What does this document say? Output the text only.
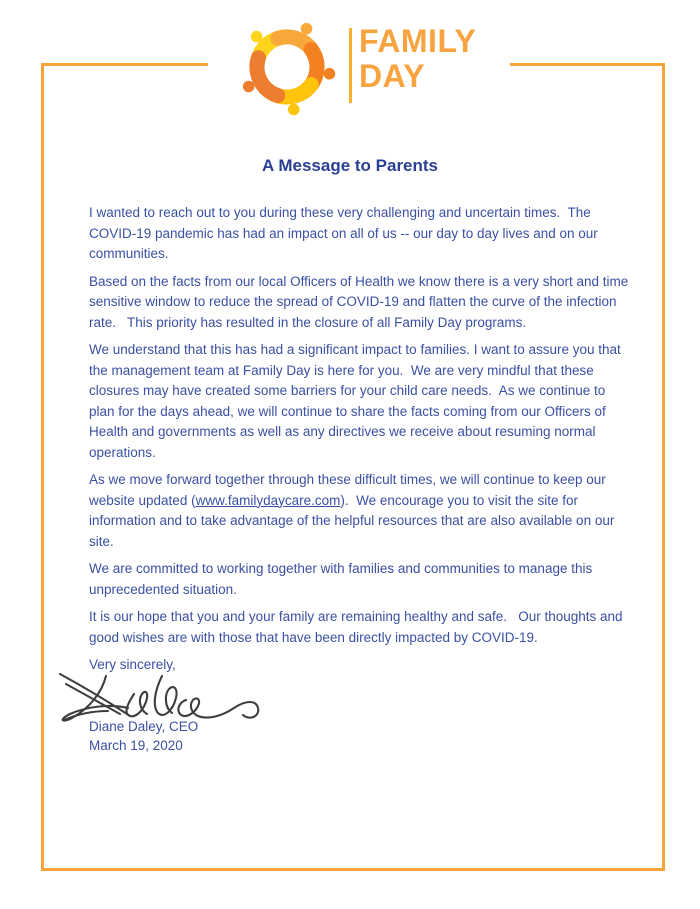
FAMILY
DAY
A Message to Parents

I wanted to reach out to you during these very challenging and uncertain times.  The COVID-19 pandemic has had an impact on all of us -- our day to day lives and on our communities.

Based on the facts from our local Officers of Health we know there is a very short and time sensitive window to reduce the spread of COVID-19 and flatten the curve of the infection rate.   This priority has resulted in the closure of all Family Day programs.

We understand that this has had a significant impact to families. I want to assure you that the management team at Family Day is here for you.  We are very mindful that these closures may have created some barriers for your child care needs.  As we continue to plan for the days ahead, we will continue to share the facts coming from our Officers of Health and governments as well as any directives we receive about resuming normal operations.

As we move forward together through these difficult times, we will continue to keep our website updated (www.familydaycare.com).  We encourage you to visit the site for information and to take advantage of the helpful resources that are also available on our site.

We are committed to working together with families and communities to manage this unprecedented situation.

It is our hope that you and your family are remaining healthy and safe.   Our thoughts and good wishes are with those that have been directly impacted by COVID-19.

Very sincerely,

Diane Daley, CEO
March 19, 2020
